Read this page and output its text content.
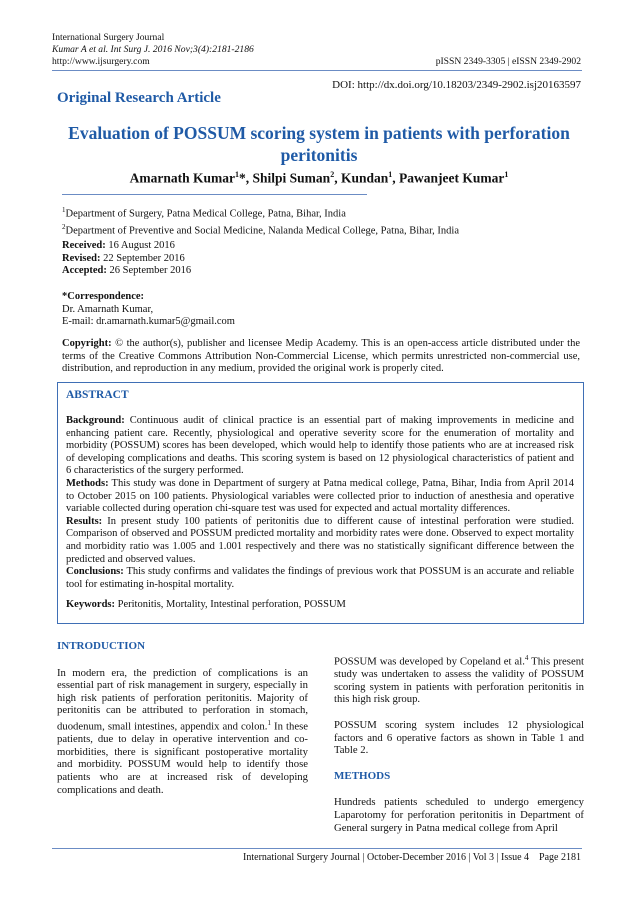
International Surgery Journal
Kumar A et al. Int Surg J. 2016 Nov;3(4):2181-2186
http://www.ijsurgery.com	pISSN 2349-3305 | eISSN 2349-2902
DOI: http://dx.doi.org/10.18203/2349-2902.isj20163597
Original Research Article
Evaluation of POSSUM scoring system in patients with perforation peritonitis
Amarnath Kumar$^1$*, Shilpi Suman$^2$, Kundan$^1$, Pawanjeet Kumar$^1$
$^1$Department of Surgery, Patna Medical College, Patna, Bihar, India
$^2$Department of Preventive and Social Medicine, Nalanda Medical College, Patna, Bihar, India
Received: 16 August 2016
Revised: 22 September 2016
Accepted: 26 September 2016
*Correspondence:
Dr. Amarnath Kumar,
E-mail: dr.amarnath.kumar5@gmail.com
Copyright: © the author(s), publisher and licensee Medip Academy. This is an open-access article distributed under the terms of the Creative Commons Attribution Non-Commercial License, which permits unrestricted non-commercial use, distribution, and reproduction in any medium, provided the original work is properly cited.
ABSTRACT

Background: Continuous audit of clinical practice is an essential part of making improvements in medicine and enhancing patient care. Recently, physiological and operative severity score for the enumeration of mortality and morbidity (POSSUM) scores has been developed, which would help to identify those patients who are at increased risk of developing complications and deaths. This scoring system is based on 12 physiological characteristics of patient and 6 characteristics of the surgery performed.

Methods: This study was done in Department of surgery at Patna medical college, Patna, Bihar, India from April 2014 to October 2015 on 100 patients. Physiological variables were collected prior to induction of anesthesia and operative variable collected during operation chi-square test was used for expected and actual mortality differences.

Results: In present study 100 patients of peritonitis due to different cause of intestinal perforation were studied. Comparison of observed and POSSUM predicted mortality and morbidity rates were done. Observed to expect mortality and morbidity ratio was 1.005 and 1.001 respectively and there was no statistically significant difference between the predicted and observed values.

Conclusions: This study confirms and validates the findings of previous work that POSSUM is an accurate and reliable tool for estimating in-hospital mortality.

Keywords: Peritonitis, Mortality, Intestinal perforation, POSSUM
INTRODUCTION

In modern era, the prediction of complications is an essential part of risk management in surgery, especially in high risk patients of perforation peritonitis. Majority of peritonitis can be attributed to perforation in stomach, duodenum, small intestines, appendix and colon.$^1$ In these patients, due to delay in operative intervention and co-morbidities, there is significant postoperative mortality and morbidity. POSSUM would help to identify those patients who are at increased risk of developing complications and death.

POSSUM was developed by Copeland et al.$^4$ This present study was undertaken to assess the validity of POSSUM scoring system in patients with perforation peritonitis in this high risk group.

POSSUM scoring system includes 12 physiological factors and 6 operative factors as shown in Table 1 and Table 2.

METHODS

Hundreds patients scheduled to undergo emergency Laparotomy for perforation peritonitis in Department of General surgery in Patna medical college from April

International Surgery Journal | October-December 2016 | Vol 3 | Issue 4    Page 2181
